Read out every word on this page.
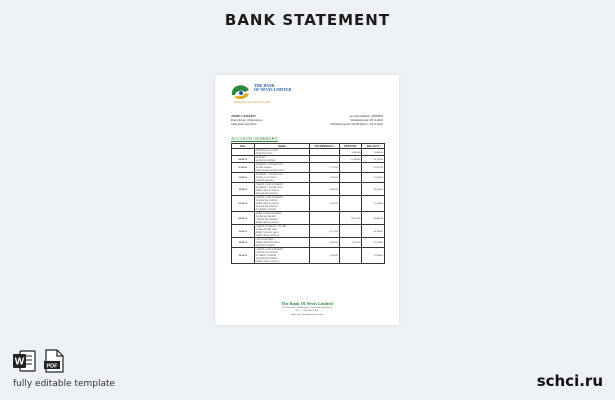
BANK STATEMENT
THE BANK
OF NEVIS LIMITED
"Achieving the security of Life"
JOHN CITIZEN
Pasey Road, Charlestown,
Saint Kitts and Nevis
Account number: 22845879
Statement date: 28.11.2022
Statement period: 04.08.2022 to 18.11.2022
ACCOUNT SUMMARY
Date	Details	WITHDRAWALS	DEPOSITS	BALANCE

	OPENING BALANCE
NEXT DETAILS		8,845.00	8,845.00
04.08.22	DEPOSIT
BANK TRANSFER		17,894.00	26,739.00
05.08.22	PAYMENT - THANK YOU
STORE 8 88014
PURCHASE ONLINE 43016	1,712.00		25,027.00
12.08.22	PAYMENT - THANK YOU
STORE 8 JCL 66821
ONLINE RESALE	3,568.00		21,459.00
19.08.22	CREDIT CARD PAYMENT
PAYMENT - THANK YOU
DEBIT SHIP LAUNCH
TRANSFER ONLINE	2,899.00		18,560.00
01.09.22	CREDIT CARD PAYMENT
TRANSFER ONLINE
DEBIT SHIP LAUNCH
TRANSFER ONLINE
PAYMENT ONLINE	7,166.00		11,394.00
09.09.22	DEBIT CARD PAYMENT
STORE 88 ONLINE
ONLINE TRANSFER
DEBIT SHIP LAUNCH		19,012.00	30,406.00
23.09.22	CREDIT PAYMENT - THANK
BANK CREDIT 0002
DEBIT ONLINE 54021
DEBIT SHIP LAUNCH	6,112.00		24,294.00
30.09.22	CHECK RETURN
DEBIT DEPOSIT 58014
DEPOSIT ONLINE	4,414.00	3,596.00	23,476.00
10.10.22	CREDIT CARD PAYMENT
ONLINE TRANSFER
PAYMENT ONLINE
TRANSFER ONLINE
DEBIT SHIP LAUNCH	5,788.00		17,688.00
The Bank Of Nevis Limited
P.O. Box 450, Charlestown, Saint Kitts and Nevis
Tel.: +1 869 469 5564
http://www.thebankofnevis.com
W	PDF
fully editable template	schci.ru
